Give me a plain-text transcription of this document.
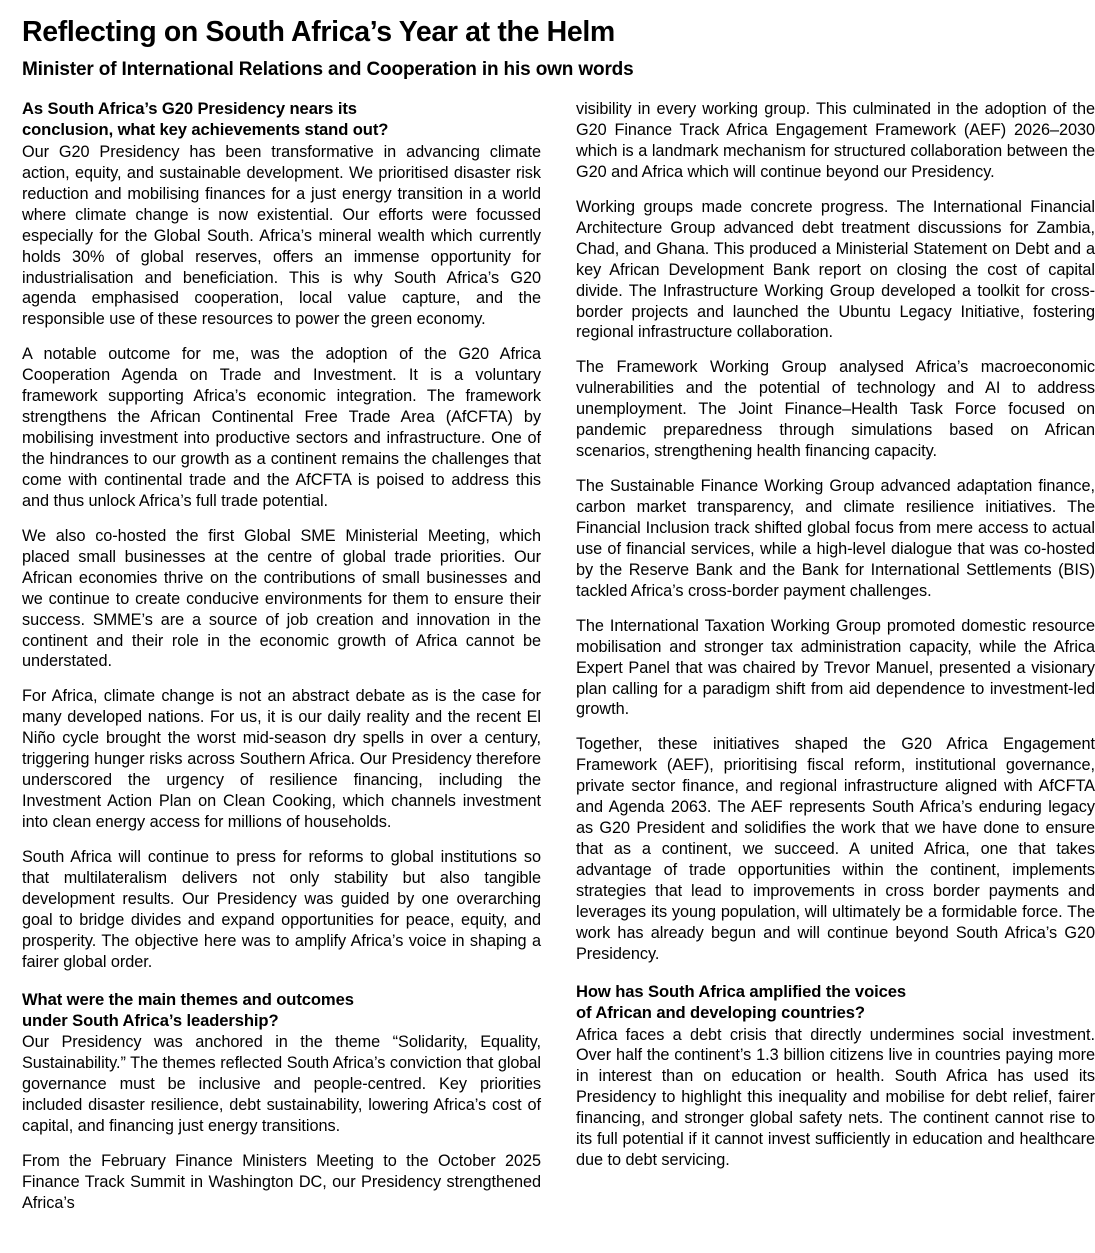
Reflecting on South Africa’s Year at the Helm
Minister of International Relations and Cooperation in his own words
As South Africa’s G20 Presidency nears its
conclusion, what key achievements stand out?

Our G20 Presidency has been transformative in advancing climate action, equity, and sustainable development. We prioritised disaster risk reduction and mobilising finances for a just energy transition in a world where climate change is now existential. Our efforts were focussed especially for the Global South. Africa’s mineral wealth which currently holds 30% of global reserves, offers an immense opportunity for industrialisation and beneficiation. This is why South Africa’s G20 agenda emphasised cooperation, local value capture, and the responsible use of these resources to power the green economy.

A notable outcome for me, was the adoption of the G20 Africa Cooperation Agenda on Trade and Investment. It is a voluntary framework supporting Africa’s economic integration. The framework strengthens the African Continental Free Trade Area (AfCFTA) by mobilising investment into productive sectors and infrastructure. One of the hindrances to our growth as a continent remains the challenges that come with continental trade and the AfCFTA is poised to address this and thus unlock Africa’s full trade potential.

We also co-hosted the first Global SME Ministerial Meeting, which placed small businesses at the centre of global trade priorities. Our African economies thrive on the contributions of small businesses and we continue to create conducive environments for them to ensure their success. SMME’s are a source of job creation and innovation in the continent and their role in the economic growth of Africa cannot be understated.

For Africa, climate change is not an abstract debate as is the case for many developed nations. For us, it is our daily reality and the recent El Niño cycle brought the worst mid-season dry spells in over a century, triggering hunger risks across Southern Africa. Our Presidency therefore underscored the urgency of resilience financing, including the Investment Action Plan on Clean Cooking, which channels investment into clean energy access for millions of households.

South Africa will continue to press for reforms to global institutions so that multilateralism delivers not only stability but also tangible development results. Our Presidency was guided by one overarching goal to bridge divides and expand opportunities for peace, equity, and prosperity. The objective here was to amplify Africa’s voice in shaping a fairer global order.

What were the main themes and outcomes
under South Africa’s leadership?

Our Presidency was anchored in the theme “Solidarity, Equality, Sustainability.” The themes reflected South Africa’s conviction that global governance must be inclusive and people-centred. Key priorities included disaster resilience, debt sustainability, lowering Africa’s cost of capital, and financing just energy transitions.

From the February Finance Ministers Meeting to the October 2025 Finance Track Summit in Washington DC, our Presidency strengthened Africa’s

visibility in every working group. This culminated in the adoption of the G20 Finance Track Africa Engagement Framework (AEF) 2026–2030 which is a landmark mechanism for structured collaboration between the G20 and Africa which will continue beyond our Presidency.

Working groups made concrete progress. The International Financial Architecture Group advanced debt treatment discussions for Zambia, Chad, and Ghana. This produced a Ministerial Statement on Debt and a key African Development Bank report on closing the cost of capital divide. The Infrastructure Working Group developed a toolkit for cross-border projects and launched the Ubuntu Legacy Initiative, fostering regional infrastructure collaboration.

The Framework Working Group analysed Africa’s macroeconomic vulnerabilities and the potential of technology and AI to address unemployment. The Joint Finance–Health Task Force focused on pandemic preparedness through simulations based on African scenarios, strengthening health financing capacity.

The Sustainable Finance Working Group advanced adaptation finance, carbon market transparency, and climate resilience initiatives. The Financial Inclusion track shifted global focus from mere access to actual use of financial services, while a high-level dialogue that was co-hosted by the Reserve Bank and the Bank for International Settlements (BIS) tackled Africa’s cross-border payment challenges.

The International Taxation Working Group promoted domestic resource mobilisation and stronger tax administration capacity, while the Africa Expert Panel that was chaired by Trevor Manuel, presented a visionary plan calling for a paradigm shift from aid dependence to investment-led growth.

Together, these initiatives shaped the G20 Africa Engagement Framework (AEF), prioritising fiscal reform, institutional governance, private sector finance, and regional infrastructure aligned with AfCFTA and Agenda 2063. The AEF represents South Africa’s enduring legacy as G20 President and solidifies the work that we have done to ensure that as a continent, we succeed. A united Africa, one that takes advantage of trade opportunities within the continent, implements strategies that lead to improvements in cross border payments and leverages its young population, will ultimately be a formidable force. The work has already begun and will continue beyond South Africa’s G20 Presidency.

How has South Africa amplified the voices
of African and developing countries?

Africa faces a debt crisis that directly undermines social investment. Over half the continent’s 1.3 billion citizens live in countries paying more in interest than on education or health. South Africa has used its Presidency to highlight this inequality and mobilise for debt relief, fairer financing, and stronger global safety nets. The continent cannot rise to its full potential if it cannot invest sufficiently in education and healthcare due to debt servicing.
